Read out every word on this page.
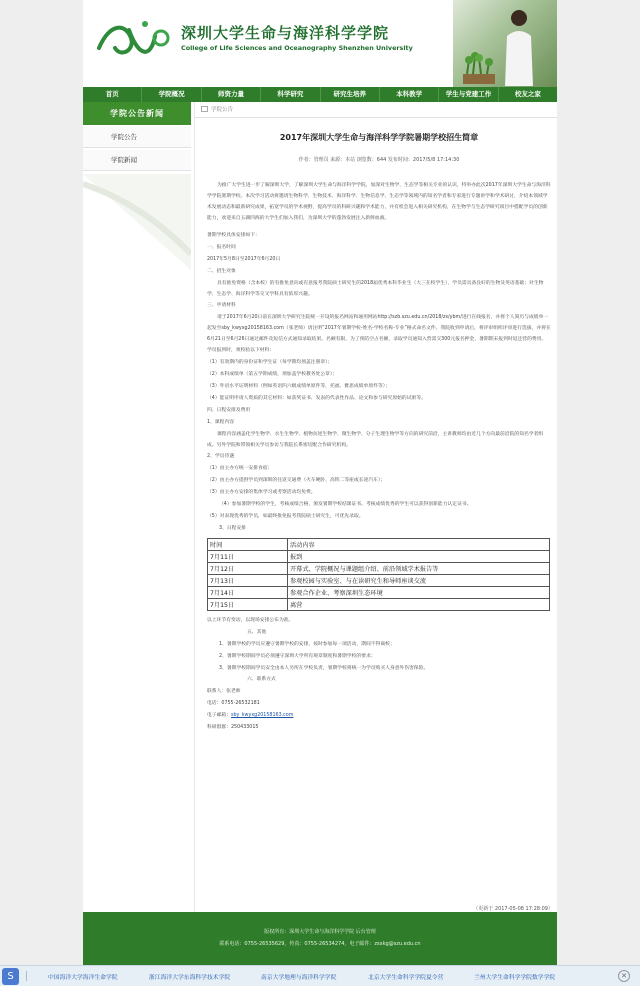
深圳大学生命与海洋科学学院
College of Life Sciences and Oceanography Shenzhen University
首页	学院概况	师资力量	科学研究	研究生培养	本科教学	学生与党建工作	校友之家
学院公告新闻
学院公告
学院新闻
学院公告
2017年深圳大学生命与海洋科学学院暑期学校招生简章
作者：管理员 来源：本站 浏览数：644 发布时间：2017/5/8 17:14:30
为推广大学生进一步了解深圳大学，了解深圳大学生命与海洋科学学院，加深对生物学、生态学等相关专业的认识，特举办此次2017年深圳大学生命与海洋科学学院暑期学校。本次学习活动将邀请生物科学、生物技术、海洋科学、生物信息学、生态学等领域内的知名学者和专家进行专题讲学和学术研讨，介绍本领域学术发展动态和最新研究成果，拓宽学员的学术视野，提高学员的科研兴趣和学术能力，并有机会进入相关研究机构，在生物学与生态学研究项目中搭配学员的创新能力，欢迎来自五湖四海的大学生们加入我们，为深圳大学的蓬勃发展注入新鲜血液。
暑期学校具体安排如下：
一、报名时间
2017年5月8日至2017年6月20日
二、招生对象
具有推免资格（含本校）的有推免意向或有意报考我院硕士研究生的2018届优秀本科毕业生（大三在校学生），学员需具备良好的生物及英语基础；对生物学、生态学、海洋科学等交叉学科具有浓厚兴趣。
三、申请材料
请于2017年6月20日前在深圳大学研究生院统一开设的报名网站和通用网站http://szb.szu.edu.cn/2018/zs/ybm/进行在线报名，并将个人简历与成绩单一起发至sby_kwyxg20158163.com（张老师）请注明“2017年暑期学校-姓名-学校名称-专业”格式命名文件。我院收到申请后，将评审组织评审进行选拔，并将在6月21日至6月26日通过邮件及短信方式通知录取结果。名额有限，为了预防空占名额，录取学员通知入营需交300元报名押金，暑期期末报到时返还营的费用。
学员报到时，须校验以下材料：
（1）有效期内的身份证和学生证（每学期均须盖注册章）；
（2）本科成绩单（第五学期成绩，须加盖学校教务处公章）；
（3）外语水平证明材料（例如英语四六级成绩单原件等，托福、雅思成绩单原件等）；
（4）能证明申请人资质的其它材料：如获奖证书、发表的代表性作品、论文和参与研究原始的试果等。
四、日程安排及费用
1、课程内容
课程内容涵盖化学生物学、水生生物学、植物抗逆生物学、微生物学、分子生理生物学等方向的研究前沿，主讲教师均由近几个方向最前沿院的知名学者组成。另外学院和带领相关学员参访与我院长系密切配合作研究机构。
2、学员待遇
（1）由主办方统一安排食宿；
（2）由主办方提供学员到深圳的往返交通费（火车硬卧、高铁二等座或长途汽车）；
（3）由主办方安排的集体学习或考察活动均免费。
（4）参加暑期学校的学生，考核成绩合格，颁发暑期学校结课证书。考核成绩优秀的学生可以获得创新能力认定证书。
（5）对表现优秀的学员，如最终推免报考我院硕士研究生，可优先录取。
3、日程安排
时间	活动内容
7月11日	报到
7月12日	开幕式、学院概况与课题组介绍、前沿领域学术报告等
7月13日	参观校园与实验室、与在读研究生和导师座谈交流
7月14日	参观合作企业、考察深圳生态环境
7月15日	离营
以上环节有变动，以现场安排公布为准。
五、其他
1、暑期学校的学员应遵守暑期学校的安排，按时参加每一项活动，期间不得离校；
2、暑期学校期间学员必须遵守深圳大学所有规章制度和暑期学校的要求；
3、暑期学校期间学员安全由本人另所在学校负责，暑期学校将统一为学员购买人身意外伤害保险。
六、联系方式
联系人：张老师
电话：0755-26532181
电子邮箱：sby_kwyxg20158163.com
科研群群：250433015
（更新于 2017-05-08 17:28:09）
版权所有：深圳大学生命与海洋科学学院 后台管理
联系电话：0755-26535629，传真：0755-26534274，电子邮件：zsxkg@szu.edu.cn
S	中国海洋大学海洋生命学院	浙江海洋大学东海科学技术学院	南京大学地理与海洋科学学院	北京大学生命科学学院夏令营	兰州大学生命科学学院数学学院	✕
